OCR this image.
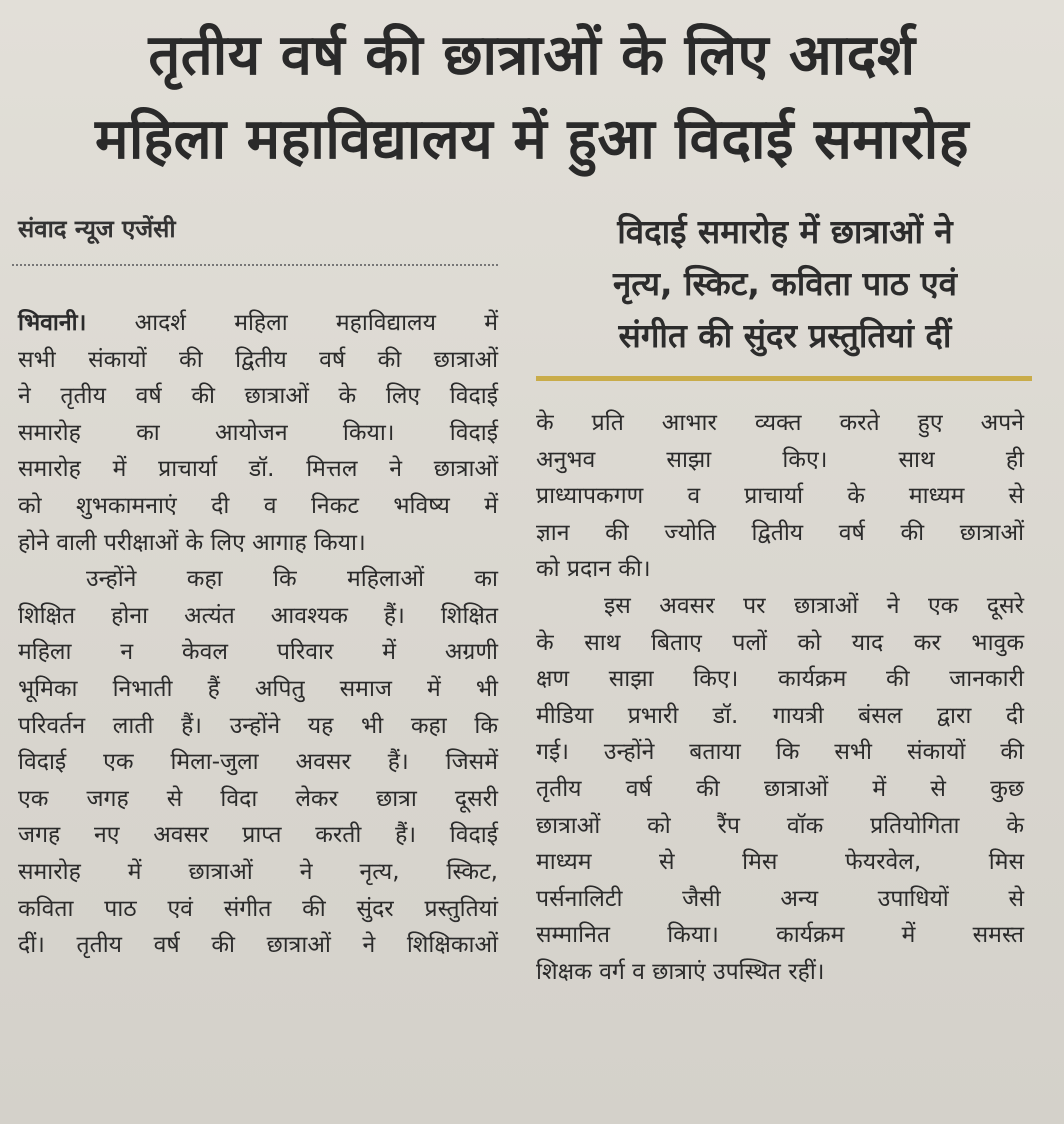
तृतीय वर्ष की छात्राओं के लिए आदर्श
महिला महाविद्यालय में हुआ विदाई समारोह
संवाद न्यूज एजेंसी	विदाई समारोह में छात्राओं ने
नृत्य, स्किट, कविता पाठ एवं
संगीत की सुंदर प्रस्तुतियां दीं
भिवानी। आदर्श महिला महाविद्यालय में
सभी संकायों की द्वितीय वर्ष की छात्राओं
ने तृतीय वर्ष की छात्राओं के लिए विदाई
समारोह का आयोजन किया। विदाई
समारोह में प्राचार्या डॉ. मित्तल ने छात्राओं
को शुभकामनाएं दी व निकट भविष्य में
होने वाली परीक्षाओं के लिए आगाह किया।
उन्होंने कहा कि महिलाओं का
शिक्षित होना अत्यंत आवश्यक हैं। शिक्षित
महिला न केवल परिवार में अग्रणी
भूमिका निभाती हैं अपितु समाज में भी
परिवर्तन लाती हैं। उन्होंने यह भी कहा कि
विदाई एक मिला-जुला अवसर हैं। जिसमें
एक जगह से विदा लेकर छात्रा दूसरी
जगह नए अवसर प्राप्त करती हैं। विदाई
समारोह में छात्राओं ने नृत्य, स्किट,
कविता पाठ एवं संगीत की सुंदर प्रस्तुतियां
दीं। तृतीय वर्ष की छात्राओं ने शिक्षिकाओं
के प्रति आभार व्यक्त करते हुए अपने
अनुभव साझा किए। साथ ही
प्राध्यापकगण व प्राचार्या के माध्यम से
ज्ञान की ज्योति द्वितीय वर्ष की छात्राओं
को प्रदान की।
इस अवसर पर छात्राओं ने एक दूसरे
के साथ बिताए पलों को याद कर भावुक
क्षण साझा किए। कार्यक्रम की जानकारी
मीडिया प्रभारी डॉ. गायत्री बंसल द्वारा दी
गई। उन्होंने बताया कि सभी संकायों की
तृतीय वर्ष की छात्राओं में से कुछ
छात्राओं को रैंप वॉक प्रतियोगिता के
माध्यम से मिस फेयरवेल, मिस
पर्सनालिटी जैसी अन्य उपाधियों से
सम्मानित किया। कार्यक्रम में समस्त
शिक्षक वर्ग व छात्राएं उपस्थित रहीं।
